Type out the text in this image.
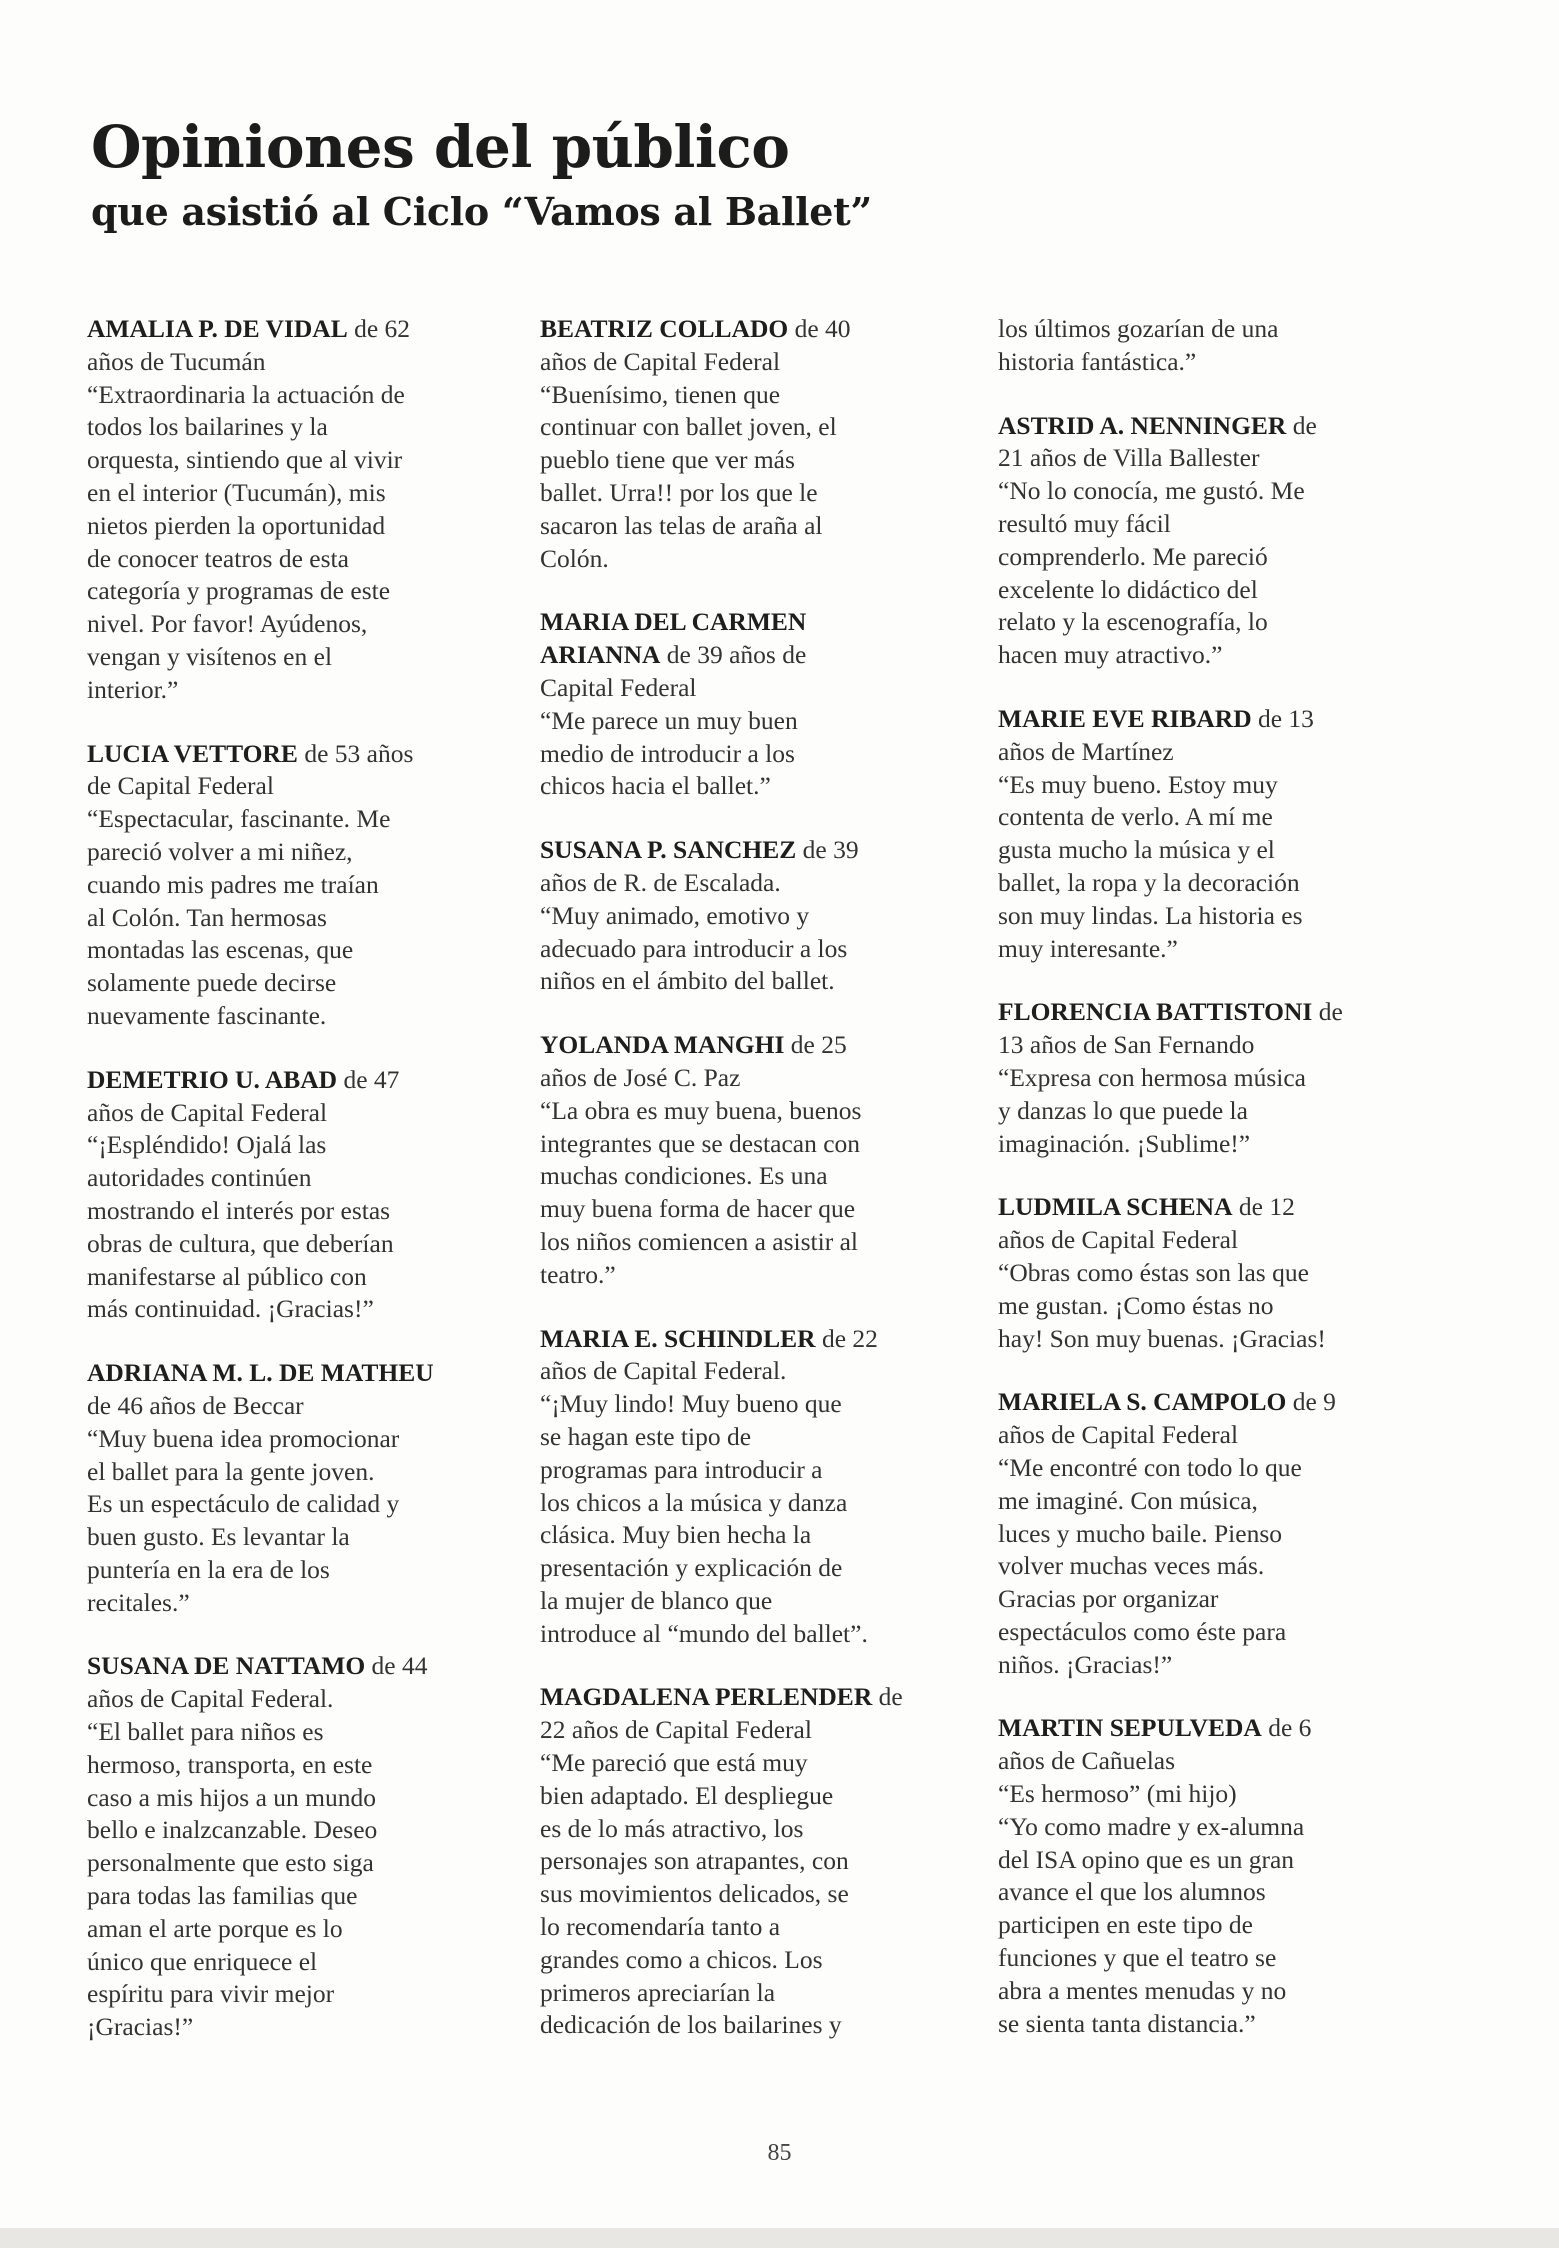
Opiniones del público
que asistió al Ciclo “Vamos al Ballet”
AMALIA P. DE VIDAL de 62
años de Tucumán
“Extraordinaria la actuación de
todos los bailarines y la
orquesta, sintiendo que al vivir
en el interior (Tucumán), mis
nietos pierden la oportunidad
de conocer teatros de esta
categoría y programas de este
nivel. Por favor! Ayúdenos,
vengan y visítenos en el
interior.”
LUCIA VETTORE de 53 años
de Capital Federal
“Espectacular, fascinante. Me
pareció volver a mi niñez,
cuando mis padres me traían
al Colón. Tan hermosas
montadas las escenas, que
solamente puede decirse
nuevamente fascinante.
DEMETRIO U. ABAD de 47
años de Capital Federal
“¡Espléndido! Ojalá las
autoridades continúen
mostrando el interés por estas
obras de cultura, que deberían
manifestarse al público con
más continuidad. ¡Gracias!”
ADRIANA M. L. DE MATHEU
de 46 años de Beccar
“Muy buena idea promocionar
el ballet para la gente joven.
Es un espectáculo de calidad y
buen gusto. Es levantar la
puntería en la era de los
recitales.”
SUSANA DE NATTAMO de 44
años de Capital Federal.
“El ballet para niños es
hermoso, transporta, en este
caso a mis hijos a un mundo
bello e inalzcanzable. Deseo
personalmente que esto siga
para todas las familias que
aman el arte porque es lo
único que enriquece el
espíritu para vivir mejor
¡Gracias!”
BEATRIZ COLLADO de 40
años de Capital Federal
“Buenísimo, tienen que
continuar con ballet joven, el
pueblo tiene que ver más
ballet. Urra!! por los que le
sacaron las telas de araña al
Colón.
MARIA DEL CARMEN
ARIANNA de 39 años de
Capital Federal
“Me parece un muy buen
medio de introducir a los
chicos hacia el ballet.”
SUSANA P. SANCHEZ de 39
años de R. de Escalada.
“Muy animado, emotivo y
adecuado para introducir a los
niños en el ámbito del ballet.
YOLANDA MANGHI de 25
años de José C. Paz
“La obra es muy buena, buenos
integrantes que se destacan con
muchas condiciones. Es una
muy buena forma de hacer que
los niños comiencen a asistir al
teatro.”
MARIA E. SCHINDLER de 22
años de Capital Federal.
“¡Muy lindo! Muy bueno que
se hagan este tipo de
programas para introducir a
los chicos a la música y danza
clásica. Muy bien hecha la
presentación y explicación de
la mujer de blanco que
introduce al “mundo del ballet”.
MAGDALENA PERLENDER de
22 años de Capital Federal
“Me pareció que está muy
bien adaptado. El despliegue
es de lo más atractivo, los
personajes son atrapantes, con
sus movimientos delicados, se
lo recomendaría tanto a
grandes como a chicos. Los
primeros apreciarían la
dedicación de los bailarines y
los últimos gozarían de una
historia fantástica.”
ASTRID A. NENNINGER de
21 años de Villa Ballester
“No lo conocía, me gustó. Me
resultó muy fácil
comprenderlo. Me pareció
excelente lo didáctico del
relato y la escenografía, lo
hacen muy atractivo.”
MARIE EVE RIBARD de 13
años de Martínez
“Es muy bueno. Estoy muy
contenta de verlo. A mí me
gusta mucho la música y el
ballet, la ropa y la decoración
son muy lindas. La historia es
muy interesante.”
FLORENCIA BATTISTONI de
13 años de San Fernando
“Expresa con hermosa música
y danzas lo que puede la
imaginación. ¡Sublime!”
LUDMILA SCHENA de 12
años de Capital Federal
“Obras como éstas son las que
me gustan. ¡Como éstas no
hay! Son muy buenas. ¡Gracias!
MARIELA S. CAMPOLO de 9
años de Capital Federal
“Me encontré con todo lo que
me imaginé. Con música,
luces y mucho baile. Pienso
volver muchas veces más.
Gracias por organizar
espectáculos como éste para
niños. ¡Gracias!”
MARTIN SEPULVEDA de 6
años de Cañuelas
“Es hermoso” (mi hijo)
“Yo como madre y ex-alumna
del ISA opino que es un gran
avance el que los alumnos
participen en este tipo de
funciones y que el teatro se
abra a mentes menudas y no
se sienta tanta distancia.”
85
